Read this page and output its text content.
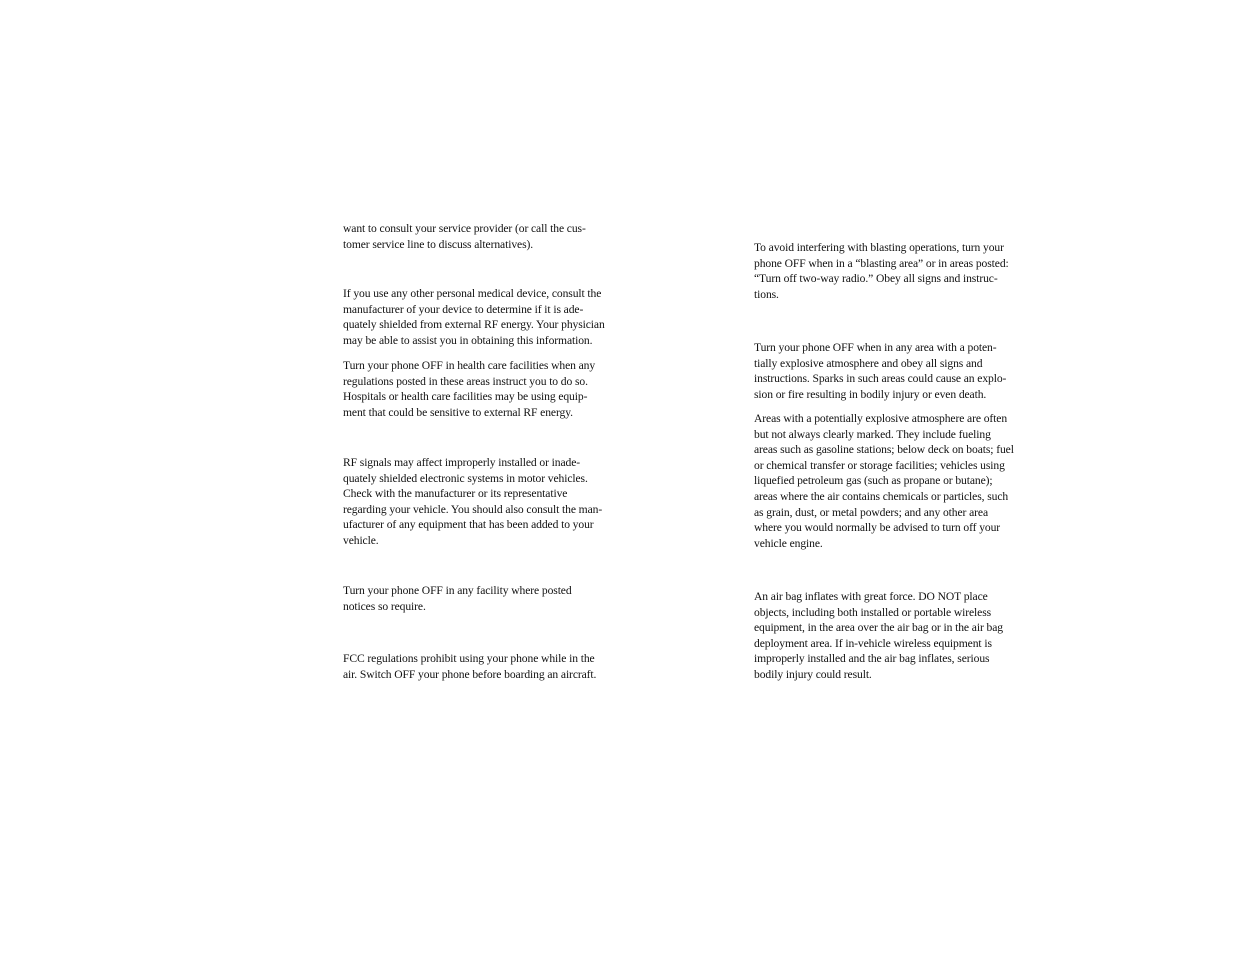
want to consult your service provider (or call the cus-
tomer service line to discuss alternatives).

If you use any other personal medical device, consult the
manufacturer of your device to determine if it is ade-
quately shielded from external RF energy. Your physician
may be able to assist you in obtaining this information.

Turn your phone OFF in health care facilities when any
regulations posted in these areas instruct you to do so.
Hospitals or health care facilities may be using equip-
ment that could be sensitive to external RF energy.

RF signals may affect improperly installed or inade-
quately shielded electronic systems in motor vehicles.
Check with the manufacturer or its representative
regarding your vehicle. You should also consult the man-
ufacturer of any equipment that has been added to your
vehicle.

Turn your phone OFF in any facility where posted
notices so require.

FCC regulations prohibit using your phone while in the
air. Switch OFF your phone before boarding an aircraft.

To avoid interfering with blasting operations, turn your
phone OFF when in a “blasting area” or in areas posted:
“Turn off two-way radio.” Obey all signs and instruc-
tions.

Turn your phone OFF when in any area with a poten-
tially explosive atmosphere and obey all signs and
instructions. Sparks in such areas could cause an explo-
sion or fire resulting in bodily injury or even death.

Areas with a potentially explosive atmosphere are often
but not always clearly marked. They include fueling
areas such as gasoline stations; below deck on boats; fuel
or chemical transfer or storage facilities; vehicles using
liquefied petroleum gas (such as propane or butane);
areas where the air contains chemicals or particles, such
as grain, dust, or metal powders; and any other area
where you would normally be advised to turn off your
vehicle engine.

An air bag inflates with great force. DO NOT place
objects, including both installed or portable wireless
equipment, in the area over the air bag or in the air bag
deployment area. If in-vehicle wireless equipment is
improperly installed and the air bag inflates, serious
bodily injury could result.
